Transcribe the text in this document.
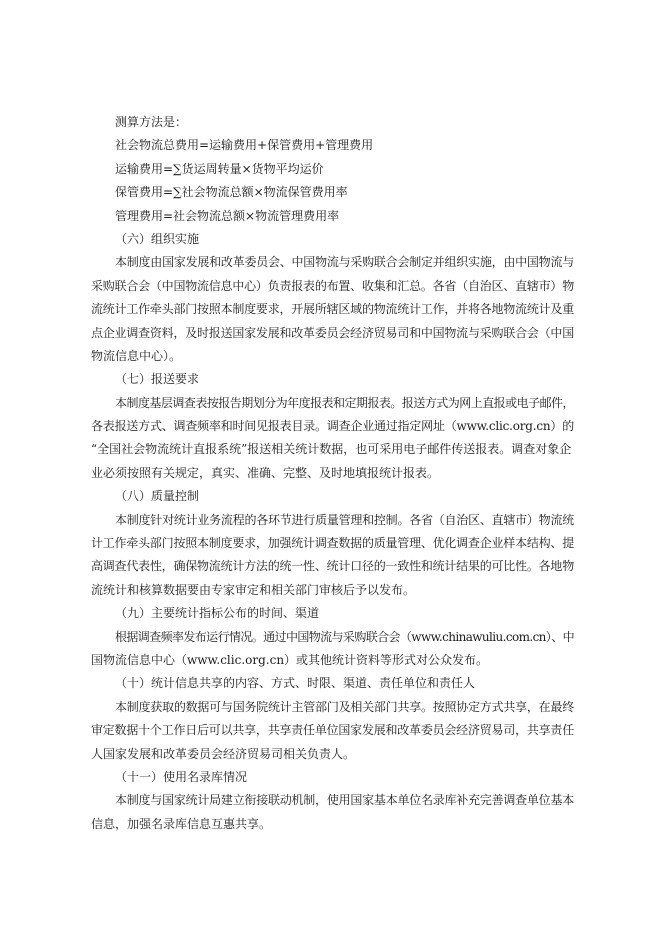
测算方法是：
社会物流总费用=运输费用+保管费用+管理费用
运输费用=∑货运周转量×货物平均运价
保管费用=∑社会物流总额×物流保管费用率
管理费用=社会物流总额×物流管理费用率
（六）组织实施
本制度由国家发展和改革委员会、中国物流与采购联合会制定并组织实施，由中国物流与
采购联合会（中国物流信息中心）负责报表的布置、收集和汇总。各省（自治区、直辖市）物
流统计工作牵头部门按照本制度要求，开展所辖区域的物流统计工作，并将各地物流统计及重
点企业调查资料，及时报送国家发展和改革委员会经济贸易司和中国物流与采购联合会（中国
物流信息中心）。
（七）报送要求
本制度基层调查表按报告期划分为年度报表和定期报表。报送方式为网上直报或电子邮件，
各表报送方式、调查频率和时间见报表目录。调查企业通过指定网址（www.clic.org.cn）的
“全国社会物流统计直报系统”报送相关统计数据，也可采用电子邮件传送报表。调查对象企
业必须按照有关规定，真实、准确、完整、及时地填报统计报表。
（八）质量控制
本制度针对统计业务流程的各环节进行质量管理和控制。各省（自治区、直辖市）物流统
计工作牵头部门按照本制度要求，加强统计调查数据的质量管理、优化调查企业样本结构、提
高调查代表性，确保物流统计方法的统一性、统计口径的一致性和统计结果的可比性。各地物
流统计和核算数据要由专家审定和相关部门审核后予以发布。
（九）主要统计指标公布的时间、渠道
根据调查频率发布运行情况。通过中国物流与采购联合会（www.chinawuliu.com.cn）、中
国物流信息中心（www.clic.org.cn）或其他统计资料等形式对公众发布。
（十）统计信息共享的内容、方式、时限、渠道、责任单位和责任人
本制度获取的数据可与国务院统计主管部门及相关部门共享。按照协定方式共享，在最终
审定数据十个工作日后可以共享，共享责任单位国家发展和改革委员会经济贸易司，共享责任
人国家发展和改革委员会经济贸易司相关负责人。
（十一）使用名录库情况
本制度与国家统计局建立衔接联动机制，使用国家基本单位名录库补充完善调查单位基本
信息，加强名录库信息互惠共享。
